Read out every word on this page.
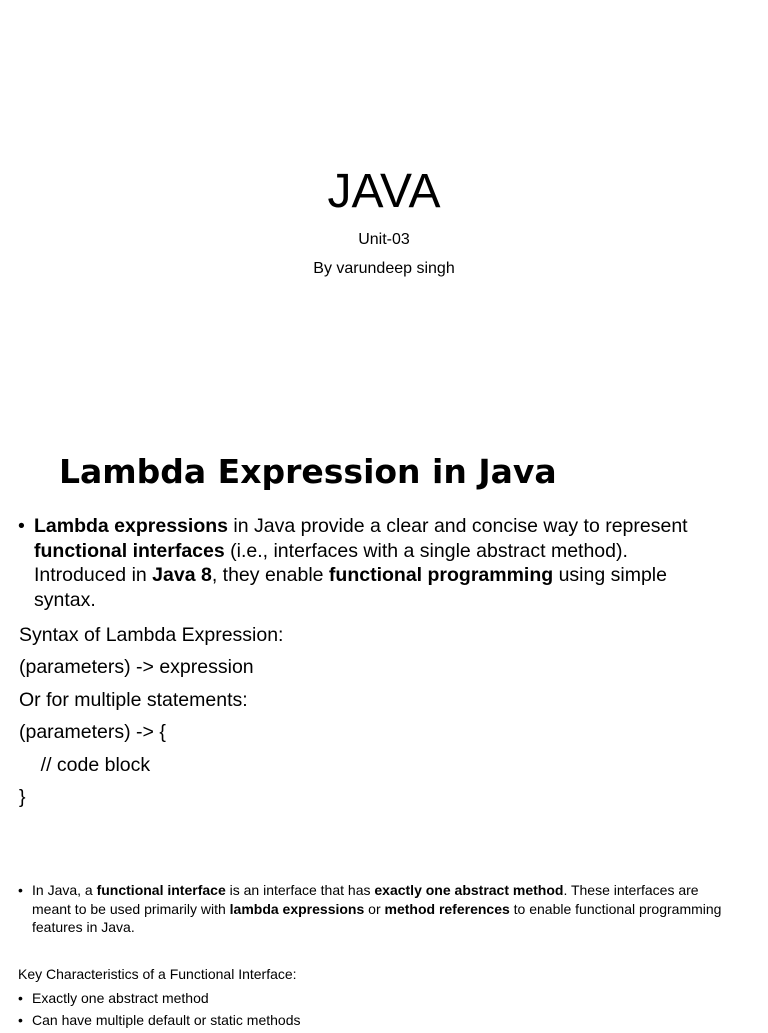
JAVA
Unit-03
By varundeep singh
Lambda Expression in Java
• Lambda expressions in Java provide a clear and concise way to represent functional interfaces (i.e., interfaces with a single abstract method). Introduced in Java 8, they enable functional programming using simple syntax.
Syntax of Lambda Expression:
(parameters) -> expression
Or for multiple statements:
(parameters) -> {
// code block
}
• In Java, a functional interface is an interface that has exactly one abstract method. These interfaces are meant to be used primarily with lambda expressions or method references to enable functional programming features in Java.
Key Characteristics of a Functional Interface:
• Exactly one abstract method
• Can have multiple default or static methods
